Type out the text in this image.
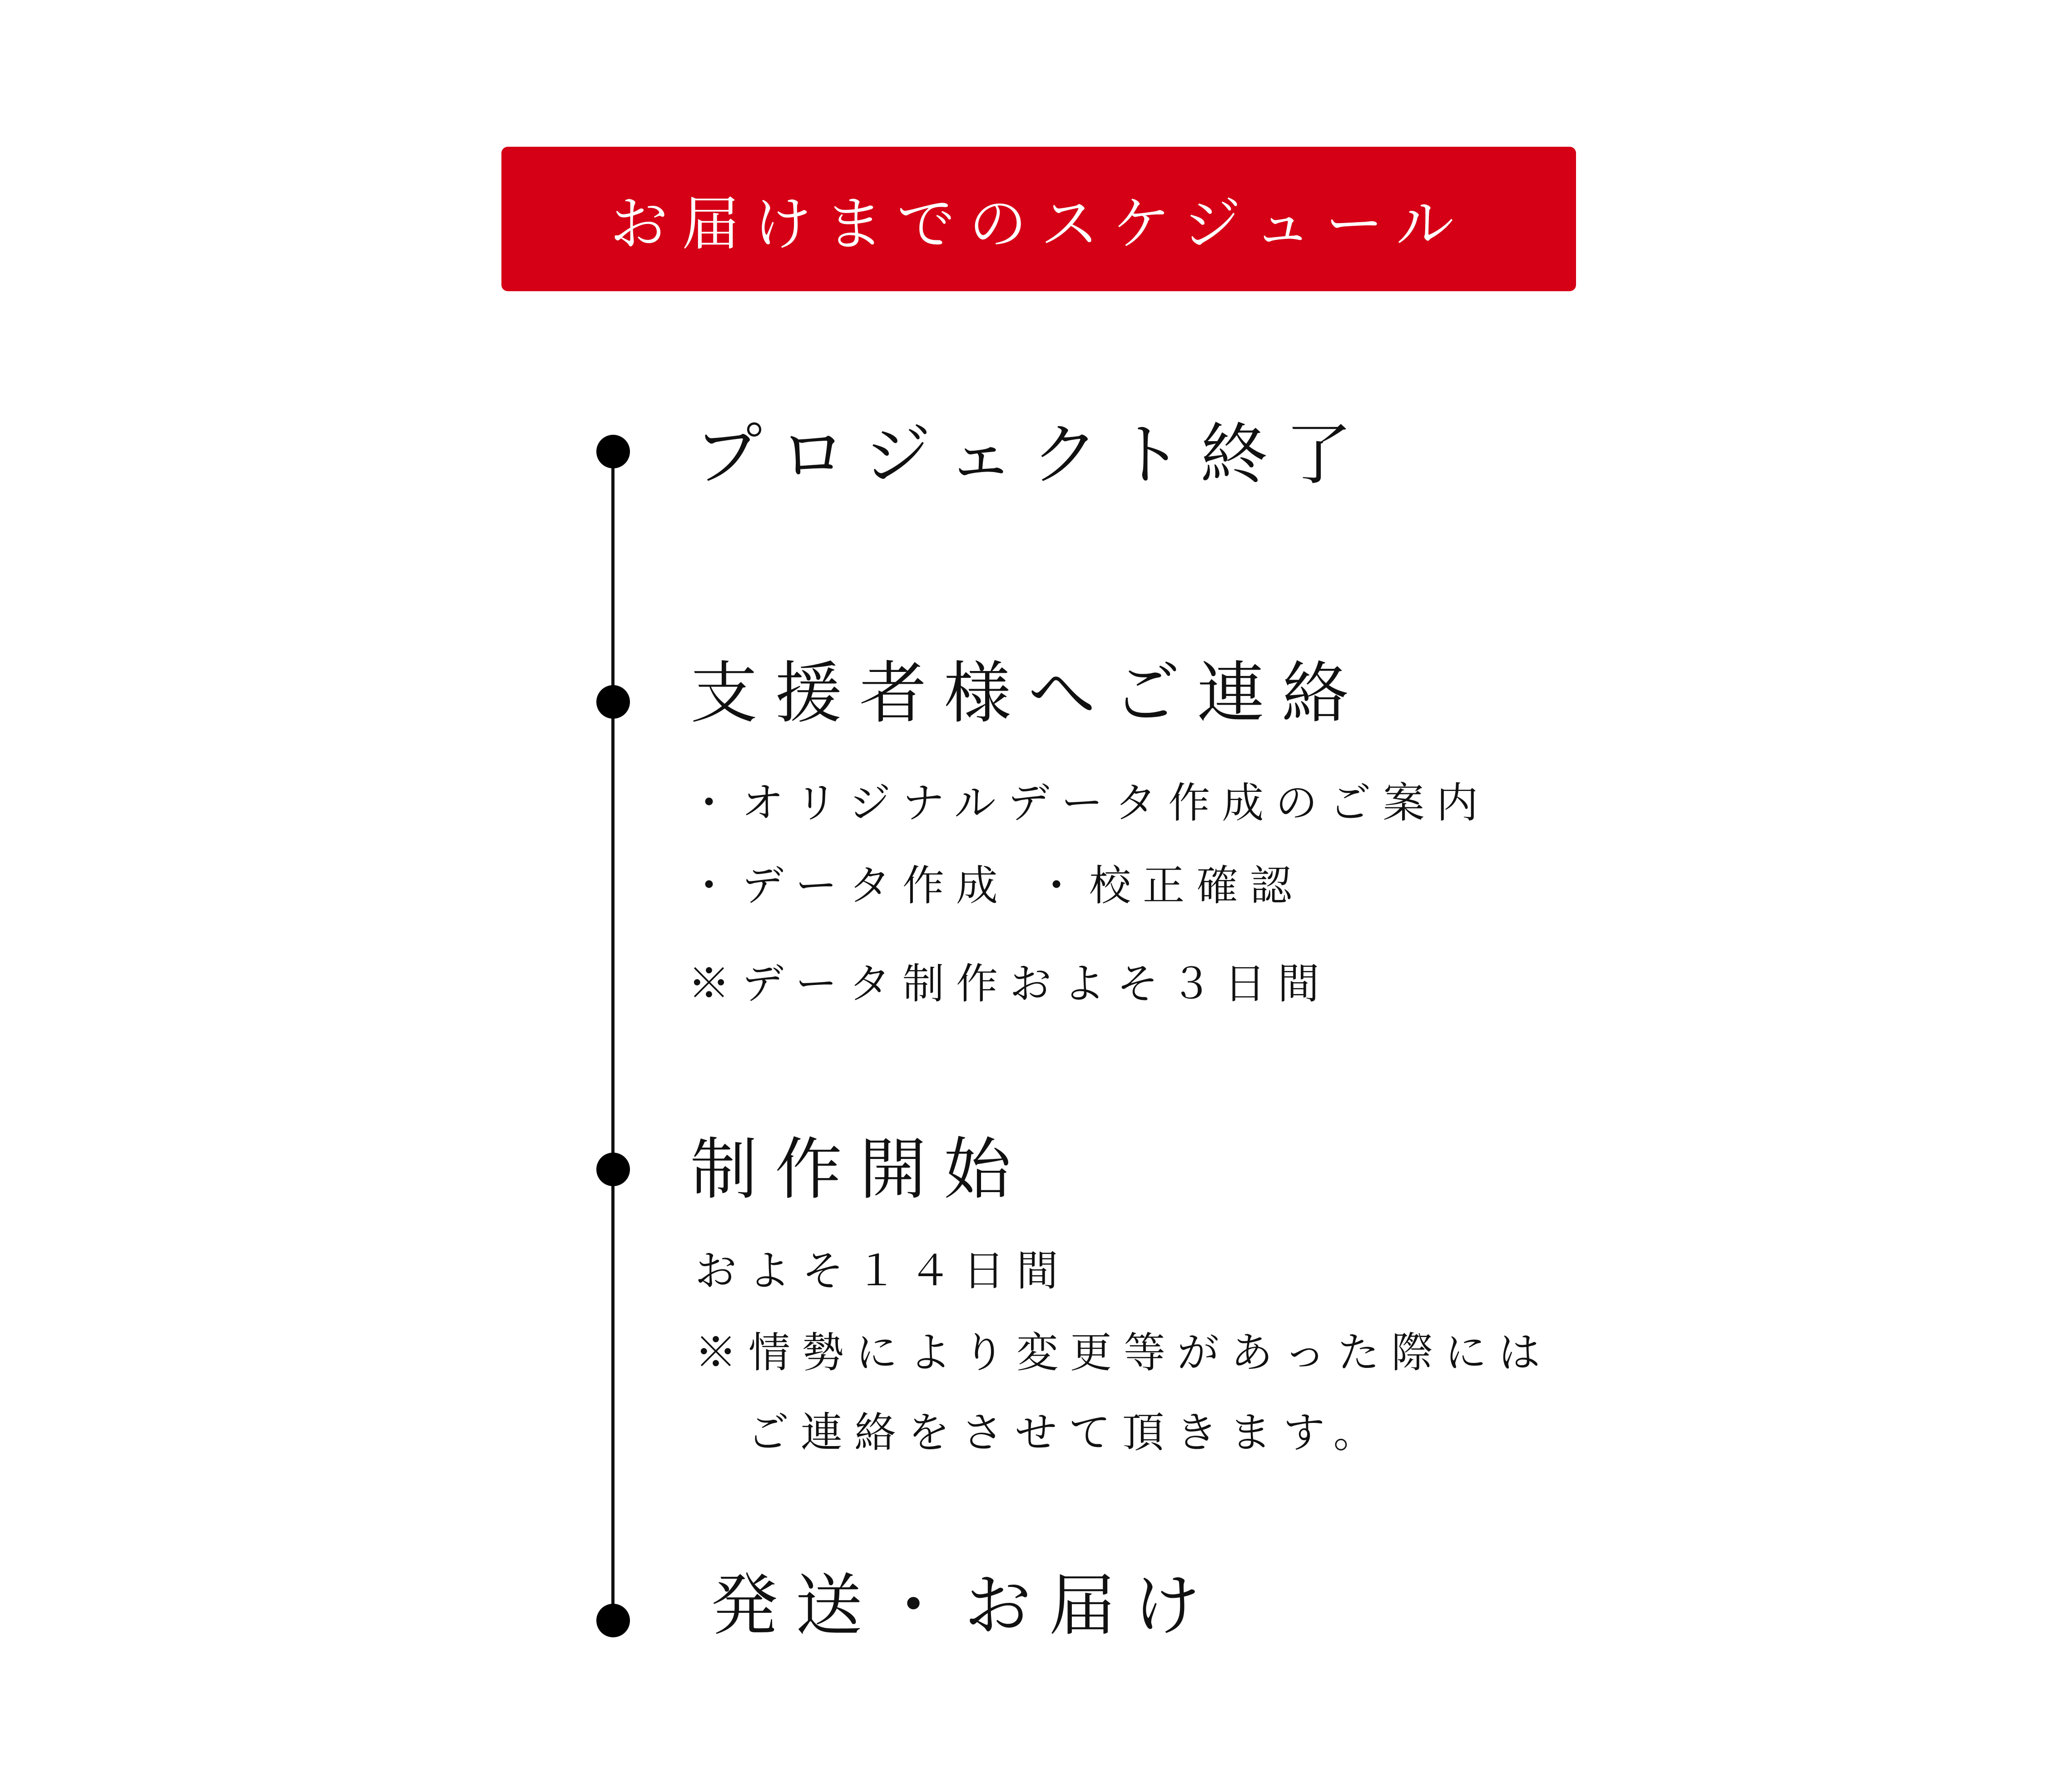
お届けまでのスケジュール
プロジェクト終了
支援者様へご連絡
・オリジナルデータ作成のご案内
・データ作成 ・校正確認
※データ制作およそ３日間
制作開始
およそ１４日間
※情勢により変更等があった際には
ご連絡をさせて頂きます。
発送・お届け
